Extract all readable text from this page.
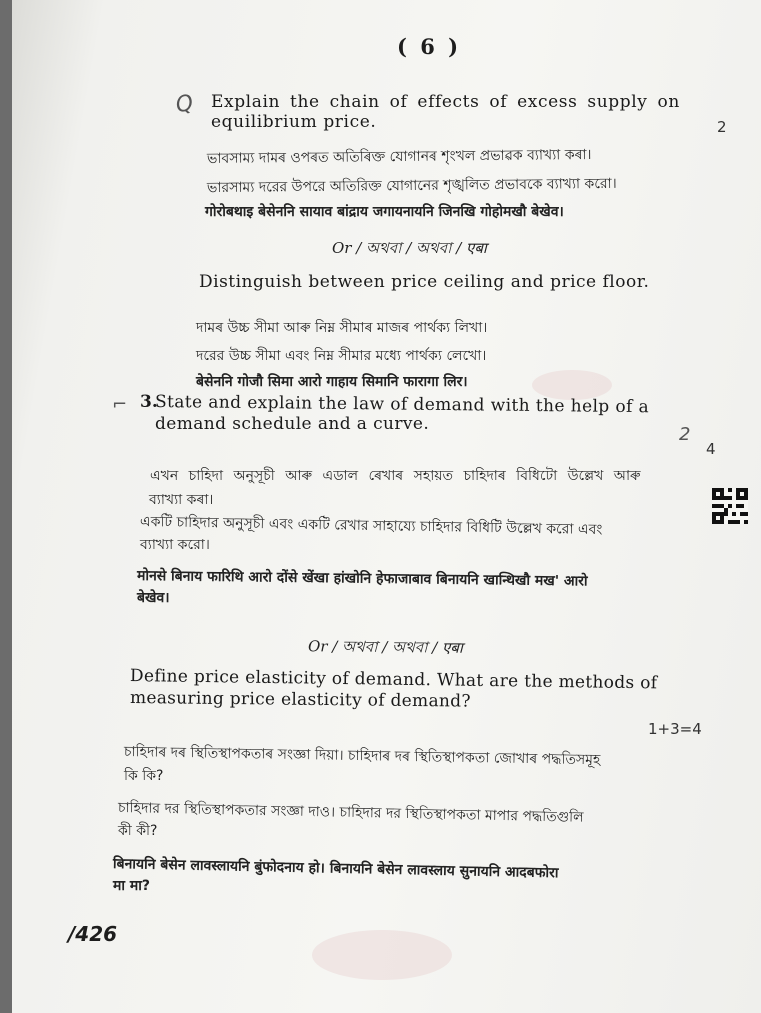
( 6 )
Q Explain the chain of effects of excess supply on
equilibrium price.	2
ভাবসাম্য দামৰ ওপৰত অতিৰিক্ত যোগানৰ শৃংখল প্ৰভাৱক ব্যাখ্যা কৰা।
ভারসাম্য দরের উপরে অতিরিক্ত যোগানের শৃঙ্খলিত প্রভাবকে ব্যাখ্যা করো।
गोरोबथाइ बेसेननि सायाव बांद्राय जगायनायनि जिनखि गोहोमखौ बेखेव।
Or / অথবা / অথবা / एबा
Distinguish between price ceiling and price floor.
দামৰ উচ্চ সীমা আৰু নিম্ন সীমাৰ মাজৰ পাৰ্থক্য লিখা।
দরের উচ্চ সীমা এবং নিম্ন সীমার মধ্যে পার্থক্য লেখো।
बेसेननि गोजौ सिमा आरो गाहाय सिमानि फारागा लिर।
⌐ 3.
State and explain the law of demand with the help of a
demand schedule and a curve.	2
4
এখন চাহিদা অনুসূচী আৰু এডাল ৰেখাৰ সহায়ত চাহিদাৰ বিধিটো উল্লেখ আৰু
ব্যাখ্যা কৰা।
একটি চাহিদার অনুসূচী এবং একটি রেখার সাহায্যে চাহিদার বিধিটি উল্লেখ করো এবং
ব্যাখ্যা করো।
मोनसे बिनाय फारिथि आरो दोंसे खेंखा हांखोनि हेफाजाबाव बिनायनि खान्थिखौ मख' आरो
बेखेव।
Or / অথবা / অথবা / एबा
Define price elasticity of demand. What are the methods of
measuring price elasticity of demand?
1+3=4
চাহিদাৰ দৰ স্থিতিস্থাপকতাৰ সংজ্ঞা দিয়া। চাহিদাৰ দৰ স্থিতিস্থাপকতা জোখাৰ পদ্ধতিসমূহ
কি কি?
চাহিদার দর স্থিতিস্থাপকতার সংজ্ঞা দাও। চাহিদার দর স্থিতিস্থাপকতা মাপার পদ্ধতিগুলি
কী কী?
बिनायनि बेसेन लावस्लायनि बुंफोदनाय हो। बिनायनि बेसेन लावस्लाय सुनायनि आदबफोरा
मा मा?
/426
